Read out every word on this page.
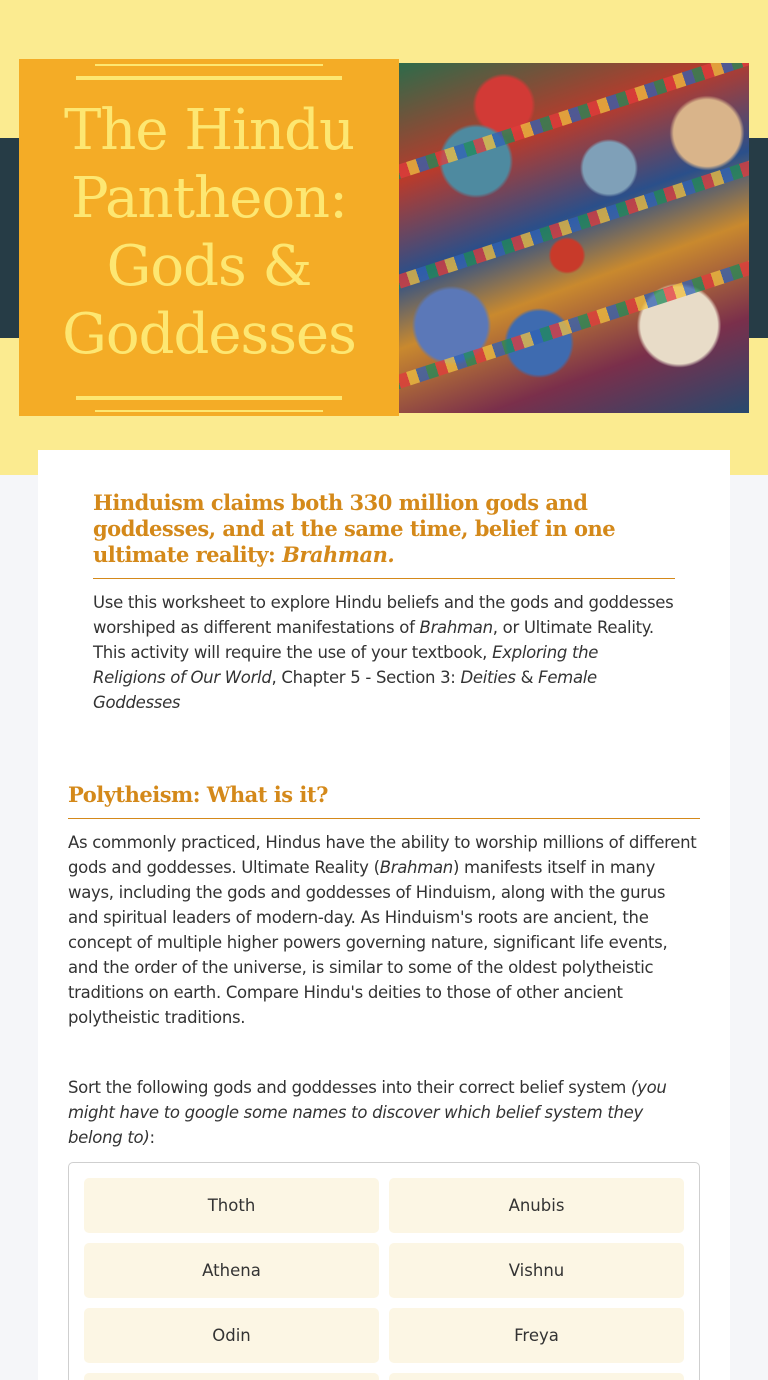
The Hindu
Pantheon:
Gods &
Goddesses
Hinduism claims both 330 million gods and goddesses, and at the same time, belief in one ultimate reality: Brahman.

Use this worksheet to explore Hindu beliefs and the gods and goddesses worshiped as different manifestations of Brahman, or Ultimate Reality. This activity will require the use of your textbook, Exploring the Religions of Our World, Chapter 5 - Section 3: Deities & Female Goddesses

Polytheism: What is it?

As commonly practiced, Hindus have the ability to worship millions of different gods and goddesses. Ultimate Reality (Brahman) manifests itself in many ways, including the gods and goddesses of Hinduism, along with the gurus and spiritual leaders of modern-day. As Hinduism's roots are ancient, the concept of multiple higher powers governing nature, significant life events, and the order of the universe, is similar to some of the oldest polytheistic traditions on earth. Compare Hindu's deities to those of other ancient polytheistic traditions.

Sort the following gods and goddesses into their correct belief system (you might have to google some names to discover which belief system they belong to):

Thoth	Anubis
Athena	Vishnu
Odin	Freya
